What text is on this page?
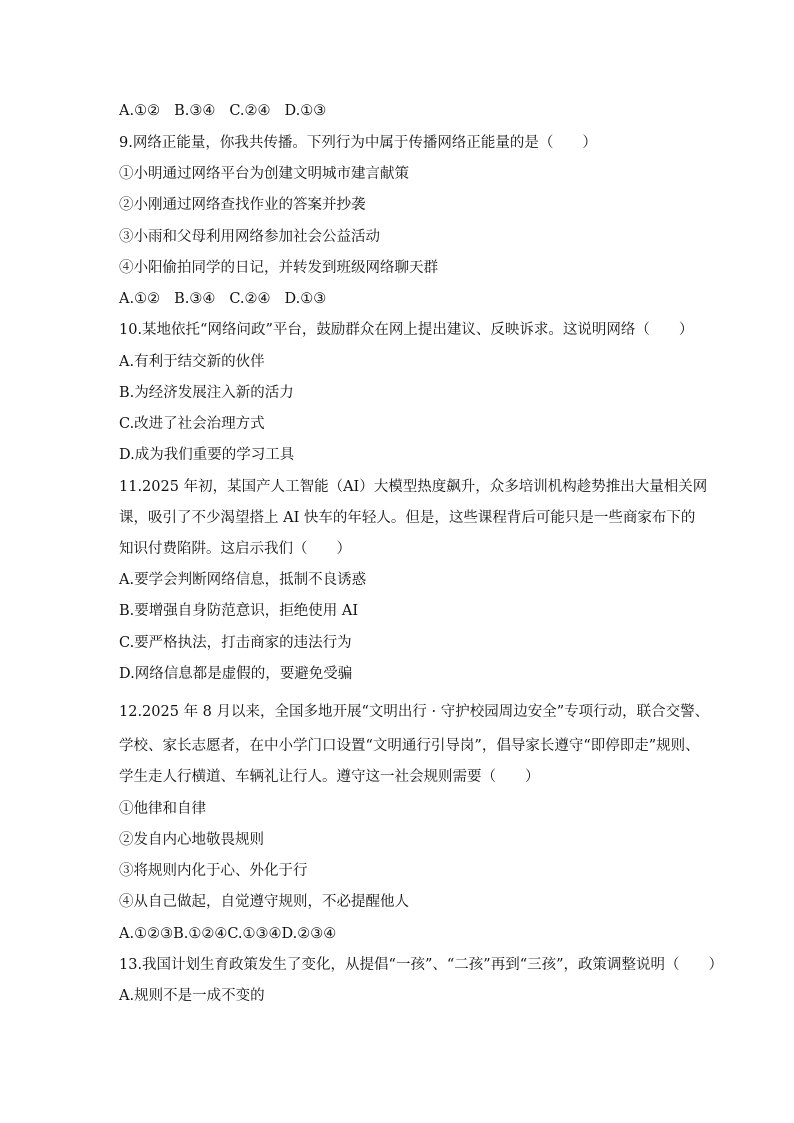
A.①② B.③④ C.②④ D.①③
9.网络正能量，你我共传播。下列行为中属于传播网络正能量的是（　　）
①小明通过网络平台为创建文明城市建言献策
②小刚通过网络查找作业的答案并抄袭
③小雨和父母利用网络参加社会公益活动
④小阳偷拍同学的日记，并转发到班级网络聊天群
A.①② B.③④ C.②④ D.①③
10.某地依托“网络问政”平台，鼓励群众在网上提出建议、反映诉求。这说明网络（　　）
A.有利于结交新的伙伴
B.为经济发展注入新的活力
C.改进了社会治理方式
D.成为我们重要的学习工具
11.2025 年初，某国产人工智能（AI）大模型热度飙升，众多培训机构趁势推出大量相关网
课，吸引了不少渴望搭上 AI 快车的年轻人。但是，这些课程背后可能只是一些商家布下的
知识付费陷阱。这启示我们（　　）
A.要学会判断网络信息，抵制不良诱惑
B.要增强自身防范意识，拒绝使用 AI
C.要严格执法，打击商家的违法行为
D.网络信息都是虚假的，要避免受骗
12.2025 年 8 月以来，全国多地开展“文明出行 · 守护校园周边安全”专项行动，联合交警、
学校、家长志愿者，在中小学门口设置“文明通行引导岗”，倡导家长遵守“即停即走”规则、
学生走人行横道、车辆礼让行人。遵守这一社会规则需要（　　）
①他律和自律
②发自内心地敬畏规则
③将规则内化于心、外化于行
④从自己做起，自觉遵守规则，不必提醒他人
A.①②③B.①②④C.①③④D.②③④
13.我国计划生育政策发生了变化，从提倡“一孩”、“二孩”再到“三孩”，政策调整说明（　　）
A.规则不是一成不变的
